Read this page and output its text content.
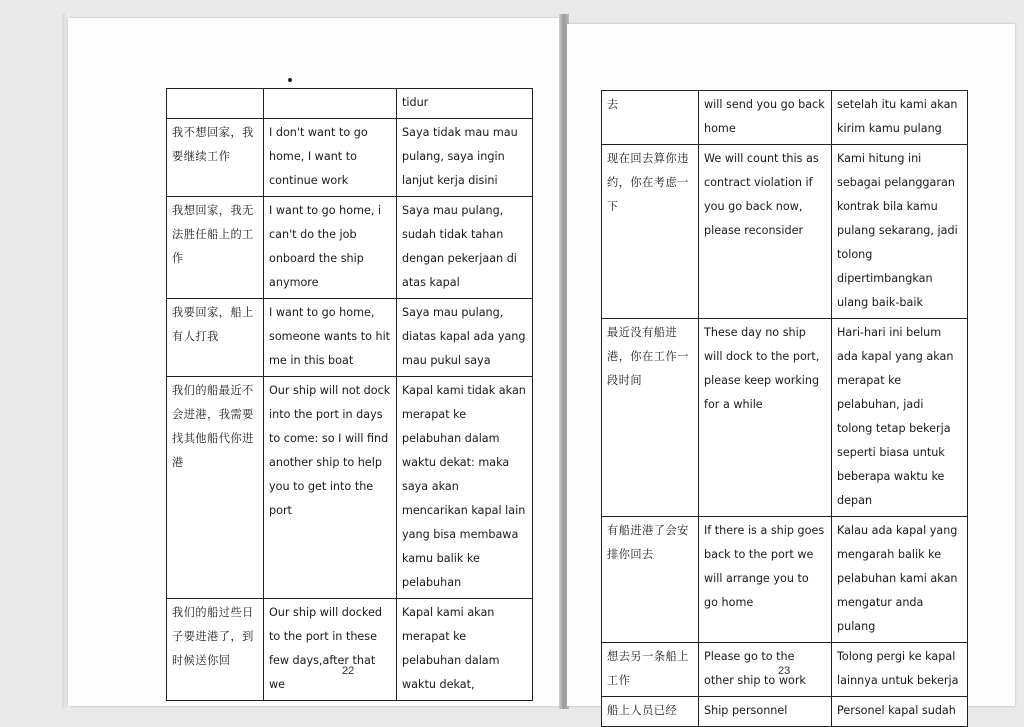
		tidur
我不想回家，我要继续工作	I don't want to go home, I want to continue work	Saya tidak mau mau pulang, saya ingin lanjut kerja disini
我想回家，我无法胜任船上的工作	I want to go home, i can't do the job onboard the ship anymore	Saya mau pulang, sudah tidak tahan dengan pekerjaan di atas kapal
我要回家，船上有人打我	I want to go home, someone wants to hit me in this boat	Saya mau pulang, diatas kapal ada yang mau pukul saya
我们的船最近不会进港，我需要找其他船代你进港	Our ship will not dock into the port in days to come: so I will find another ship to help you to get into the port	Kapal kami tidak akan merapat ke pelabuhan dalam waktu dekat: maka saya akan mencarikan kapal lain yang bisa membawa kamu balik ke pelabuhan
我们的船过些日子要进港了，到时候送你回	Our ship will docked to the port in these few days,after that we	Kapal kami akan merapat ke pelabuhan dalam waktu dekat,
22
去	will send you go back home	setelah itu kami akan kirim kamu pulang
现在回去算你违约，你在考虑一下	We will count this as contract violation if you go back now, please reconsider	Kami hitung ini sebagai pelanggaran kontrak bila kamu pulang sekarang, jadi tolong dipertimbangkan ulang baik-baik
最近没有船进港，你在工作一段时间	These day no ship will dock to the port, please keep working for a while	Hari-hari ini belum ada kapal yang akan merapat ke pelabuhan, jadi tolong tetap bekerja seperti biasa untuk beberapa waktu ke depan
有船进港了会安排你回去	If there is a ship goes back to the port we will arrange you to go home	Kalau ada kapal yang mengarah balik ke pelabuhan kami akan mengatur anda pulang
想去另一条船上工作	Please go to the other ship to work	Tolong pergi ke kapal lainnya untuk bekerja
船上人员已经	Ship personnel	Personel kapal sudah
23
